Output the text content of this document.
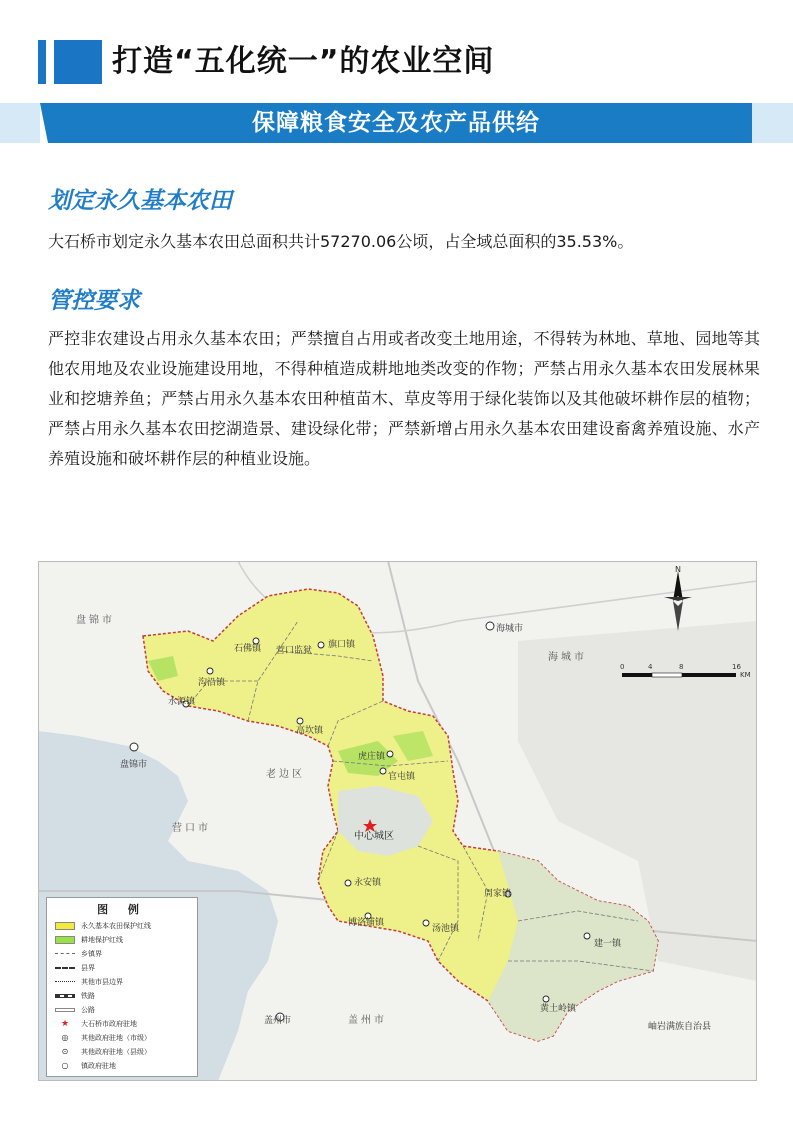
打造“五化统一”的农业空间
保障粮食安全及农产品供给
划定永久基本农田
大石桥市划定永久基本农田总面积共计57270.06公顷，占全域总面积的35.53%。
管控要求
严控非农建设占用永久基本农田；严禁擅自占用或者改变土地用途，不得转为林地、草地、园地等其他农用地及农业设施建设用地，不得种植造成耕地地类改变的作物；严禁占用永久基本农田发展林果业和挖塘养鱼；严禁占用永久基本农田种植苗木、草皮等用于绿化装饰以及其他破坏耕作层的植物；严禁占用永久基本农田挖湖造景、建设绿化带；严禁新增占用永久基本农田建设畜禽养殖设施、水产养殖设施和破坏耕作层的种植业设施。
盘锦市
盘锦市
海城市
海城市
老边区
营口市
盖州市
盖州市
岫岩满族自治县
石佛镇 营口监狱
旗口镇
沟沿镇
水源镇
高坎镇
虎庄镇
官屯镇
中心城区
永安镇
博洛铺镇
汤池镇
周家镇
建一镇
黄土岭镇
N
0	4	8	16
KM
图 例
永久基本农田保护红线
耕地保护红线
乡镇界
县界
其他市县边界
铁路
公路
★	大石桥市政府驻地
◎	其他政府驻地（市级）
⊙	其他政府驻地（县级）
○	镇政府驻地
